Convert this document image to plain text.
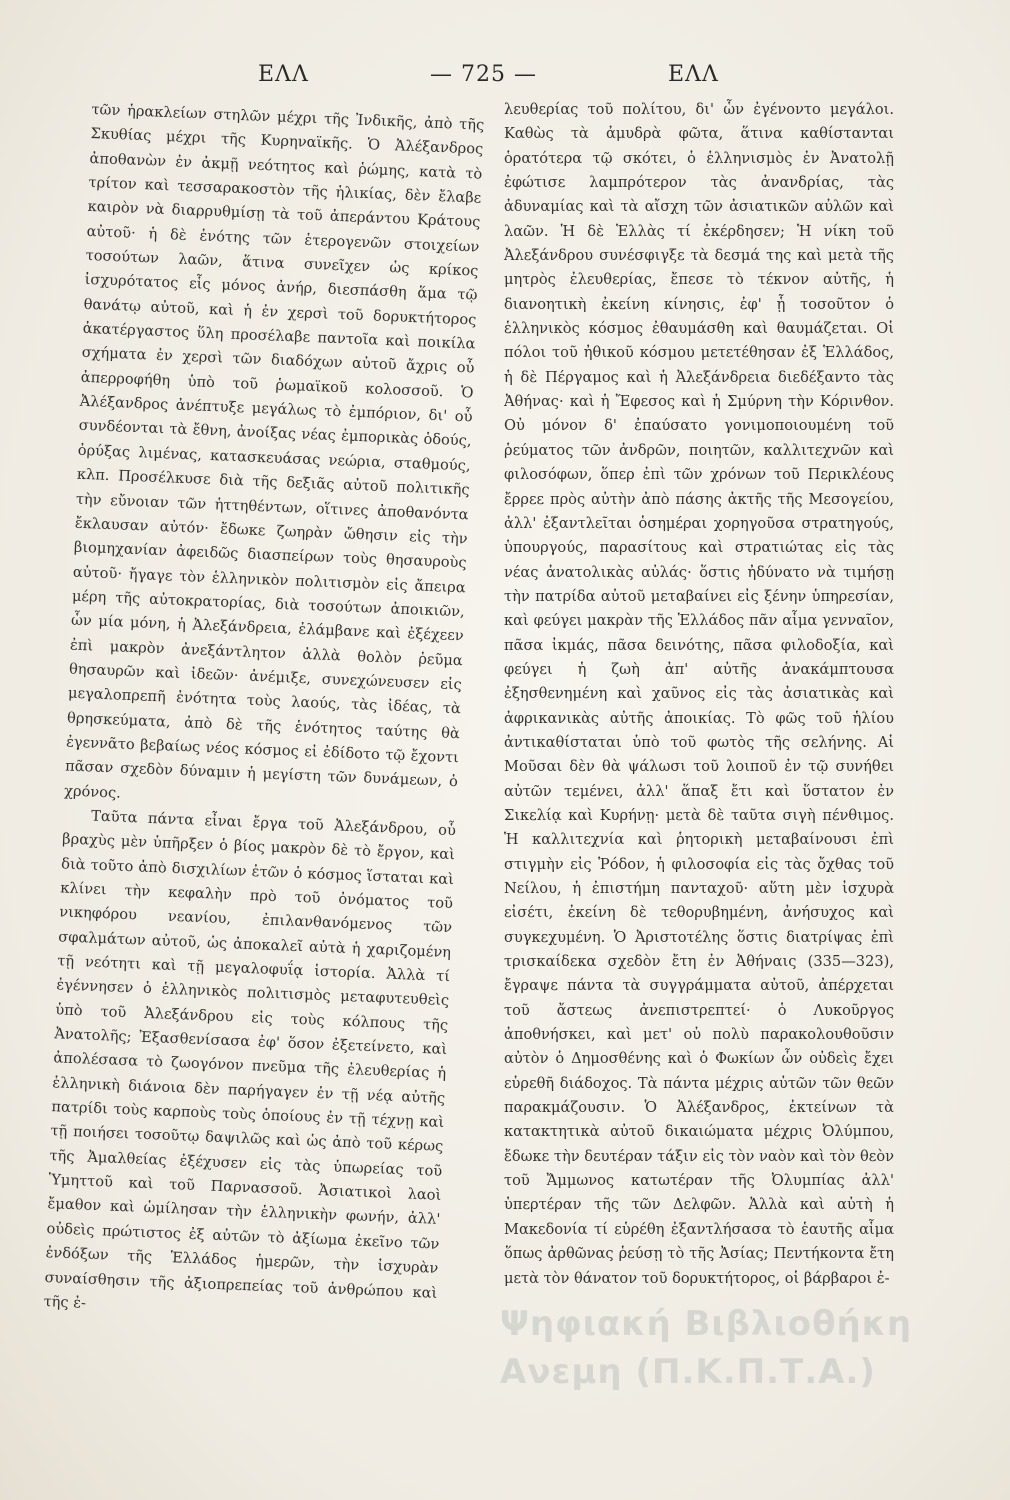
ΕΛΛ	— 725 —	ΕΛΛ

τῶν ἡρακλείων στηλῶν μέχρι τῆς Ἰνδικῆς, ἀπὸ τῆς Σκυθίας μέχρι τῆς Κυρηναϊκῆς. Ὁ Ἀλέξανδρος ἀποθανὼν ἐν ἀκμῇ νεότητος καὶ ῥώμης, κατὰ τὸ τρίτον καὶ τεσσαρακοστὸν τῆς ἡλικίας, δὲν ἔλαβε καιρὸν νὰ διαρρυθμίσῃ τὰ τοῦ ἀπεράντου Κράτους αὐτοῦ· ἡ δὲ ἑνότης τῶν ἑτερογενῶν στοιχείων τοσούτων λαῶν, ἅτινα συνεῖχεν ὡς κρίκος ἰσχυρότατος εἷς μόνος ἀνήρ, διεσπάσθη ἅμα τῷ θανάτῳ αὐτοῦ, καὶ ἡ ἐν χερσὶ τοῦ δορυκτήτορος ἀκατέργαστος ὕλη προσέλαβε παντοῖα καὶ ποικίλα σχήματα ἐν χερσὶ τῶν διαδόχων αὐτοῦ ἄχρις οὗ ἀπερροφήθη ὑπὸ τοῦ ῥωμαϊκοῦ κολοσσοῦ. Ὁ Ἀλέξανδρος ἀνέπτυξε μεγάλως τὸ ἐμπόριον, δι' οὗ συνδέονται τὰ ἔθνη, ἀνοίξας νέας ἐμπορικὰς ὁδούς, ὀρύξας λιμένας, κατασκευάσας νεώρια, σταθμούς, κλπ. Προσέλκυσε διὰ τῆς δεξιᾶς αὐτοῦ πολιτικῆς τὴν εὔνοιαν τῶν ἡττηθέντων, οἵτινες ἀποθανόντα ἔκλαυσαν αὐτόν· ἔδωκε ζωηρὰν ὤθησιν εἰς τὴν βιομηχανίαν ἀφειδῶς διασπείρων τοὺς θησαυροὺς αὐτοῦ· ἤγαγε τὸν ἑλληνικὸν πολιτισμὸν εἰς ἄπειρα μέρη τῆς αὐτοκρατορίας, διὰ τοσούτων ἀποικιῶν, ὧν μία μόνη, ἡ Ἀλεξάνδρεια, ἐλάμβανε καὶ ἐξέχεεν ἐπὶ μακρὸν ἀνεξάντλητον ἀλλὰ θολὸν ῥεῦμα θησαυρῶν καὶ ἰδεῶν· ἀνέμιξε, συνεχώνευσεν εἰς μεγαλοπρεπῆ ἑνότητα τοὺς λαούς, τὰς ἰδέας, τὰ θρησκεύματα, ἀπὸ δὲ τῆς ἑνότητος ταύτης θὰ ἐγεννᾶτο βεβαίως νέος κόσμος εἰ ἐδίδοτο τῷ ἔχοντι πᾶσαν σχεδὸν δύναμιν ἡ μεγίστη τῶν δυνάμεων, ὁ χρόνος.

Ταῦτα πάντα εἶναι ἔργα τοῦ Ἀλεξάνδρου, οὗ βραχὺς μὲν ὑπῆρξεν ὁ βίος μακρὸν δὲ τὸ ἔργον, καὶ διὰ τοῦτο ἀπὸ δισχιλίων ἐτῶν ὁ κόσμος ἵσταται καὶ κλίνει τὴν κεφαλὴν πρὸ τοῦ ὀνόματος τοῦ νικηφόρου νεανίου, ἐπιλανθανόμενος τῶν σφαλμάτων αὐτοῦ, ὡς ἀποκαλεῖ αὐτὰ ἡ χαριζομένη τῇ νεότητι καὶ τῇ μεγαλοφυΐᾳ ἱστορία. Ἀλλὰ τί ἐγέννησεν ὁ ἑλληνικὸς πολιτισμὸς μεταφυτευθεὶς ὑπὸ τοῦ Ἀλεξάνδρου εἰς τοὺς κόλπους τῆς Ἀνατολῆς; Ἐξασθενίσασα ἐφ' ὅσον ἐξετείνετο, καὶ ἀπολέσασα τὸ ζωογόνον πνεῦμα τῆς ἐλευθερίας ἡ ἑλληνικὴ διάνοια δὲν παρήγαγεν ἐν τῇ νέᾳ αὐτῆς πατρίδι τοὺς καρποὺς τοὺς ὁποίους ἐν τῇ τέχνῃ καὶ τῇ ποιήσει τοσοῦτῳ δαψιλῶς καὶ ὡς ἀπὸ τοῦ κέρως τῆς Ἀμαλθείας ἐξέχυσεν εἰς τὰς ὑπωρείας τοῦ Ὑμηττοῦ καὶ τοῦ Παρνασσοῦ. Ἀσιατικοὶ λαοὶ ἔμαθον καὶ ὡμίλησαν τὴν ἑλληνικὴν φωνήν, ἀλλ' οὐδεὶς πρώτιστος ἐξ αὐτῶν τὸ ἀξίωμα ἐκεῖνο τῶν ἐνδόξων τῆς Ἑλλάδος ἡμερῶν, τὴν ἰσχυρὰν συναίσθησιν τῆς ἀξιοπρεπείας τοῦ ἀνθρώπου καὶ τῆς ἐ-

λευθερίας τοῦ πολίτου, δι' ὧν ἐγένοντο μεγάλοι. Καθὼς τὰ ἀμυδρὰ φῶτα, ἅτινα καθίστανται ὁρατότερα τῷ σκότει, ὁ ἑλληνισμὸς ἐν Ἀνατολῇ ἐφώτισε λαμπρότερον τὰς ἀνανδρίας, τὰς ἀδυναμίας καὶ τὰ αἴσχη τῶν ἀσιατικῶν αὐλῶν καὶ λαῶν. Ἡ δὲ Ἑλλὰς τί ἐκέρδησεν; Ἡ νίκη τοῦ Ἀλεξάνδρου συνέσφιγξε τὰ δεσμά της καὶ μετὰ τῆς μητρὸς ἐλευθερίας, ἔπεσε τὸ τέκνον αὐτῆς, ἡ διανοητικὴ ἐκείνη κίνησις, ἐφ' ᾗ τοσοῦτον ὁ ἑλληνικὸς κόσμος ἐθαυμάσθη καὶ θαυμάζεται. Οἱ πόλοι τοῦ ἠθικοῦ κόσμου μετετέθησαν ἐξ Ἑλλάδος, ἡ δὲ Πέργαμος καὶ ἡ Ἀλεξάνδρεια διεδέξαντο τὰς Ἀθήνας· καὶ ἡ Ἔφεσος καὶ ἡ Σμύρνη τὴν Κόρινθον. Οὐ μόνον δ' ἐπαύσατο γονιμοποιουμένη τοῦ ῥεύματος τῶν ἀνδρῶν, ποιητῶν, καλλιτεχνῶν καὶ φιλοσόφων, ὅπερ ἐπὶ τῶν χρόνων τοῦ Περικλέους ἔρρεε πρὸς αὐτὴν ἀπὸ πάσης ἀκτῆς τῆς Μεσογείου, ἀλλ' ἐξαντλεῖται ὁσημέραι χορηγοῦσα στρατηγούς, ὑπουργούς, παρασίτους καὶ στρατιώτας εἰς τὰς νέας ἀνατολικὰς αὐλάς· ὅστις ἠδύνατο νὰ τιμήσῃ τὴν πατρίδα αὐτοῦ μεταβαίνει εἰς ξένην ὑπηρεσίαν, καὶ φεύγει μακρὰν τῆς Ἑλλάδος πᾶν αἷμα γενναῖον, πᾶσα ἰκμάς, πᾶσα δεινότης, πᾶσα φιλοδοξία, καὶ φεύγει ἡ ζωὴ ἀπ' αὐτῆς ἀνακάμπτουσα ἐξησθενημένη καὶ χαῦνος εἰς τὰς ἀσιατικὰς καὶ ἀφρικανικὰς αὐτῆς ἀποικίας. Τὸ φῶς τοῦ ἡλίου ἀντικαθίσταται ὑπὸ τοῦ φωτὸς τῆς σελήνης. Αἱ Μοῦσαι δὲν θὰ ψάλωσι τοῦ λοιποῦ ἐν τῷ συνήθει αὐτῶν τεμένει, ἀλλ' ἅπαξ ἔτι καὶ ὕστατον ἐν Σικελίᾳ καὶ Κυρήνῃ· μετὰ δὲ ταῦτα σιγὴ πένθιμος. Ἡ καλλιτεχνία καὶ ῥητορικὴ μεταβαίνουσι ἐπὶ στιγμὴν εἰς Ῥόδον, ἡ φιλοσοφία εἰς τὰς ὄχθας τοῦ Νείλου, ἡ ἐπιστήμη πανταχοῦ· αὕτη μὲν ἰσχυρὰ εἰσέτι, ἐκείνη δὲ τεθορυβημένη, ἀνήσυχος καὶ συγκεχυμένη. Ὁ Ἀριστοτέλης ὅστις διατρίψας ἐπὶ τρισκαίδεκα σχεδὸν ἔτη ἐν Ἀθήναις (335—323), ἔγραψε πάντα τὰ συγγράμματα αὐτοῦ, ἀπέρχεται τοῦ ἄστεως ἀνεπιστρεπτεί· ὁ Λυκοῦργος ἀποθνήσκει, καὶ μετ' οὐ πολὺ παρακολουθοῦσιν αὐτὸν ὁ Δημοσθένης καὶ ὁ Φωκίων ὧν οὐδεὶς ἔχει εὑρεθῆ διάδοχος. Τὰ πάντα μέχρις αὐτῶν τῶν θεῶν παρακμάζουσιν. Ὁ Ἀλέξανδρος, ἐκτείνων τὰ κατακτητικὰ αὐτοῦ δικαιώματα μέχρις Ὀλύμπου, ἔδωκε τὴν δευτέραν τάξιν εἰς τὸν ναὸν καὶ τὸν θεὸν τοῦ Ἄμμωνος κατωτέραν τῆς Ὀλυμπίας ἀλλ' ὑπερτέραν τῆς τῶν Δελφῶν. Ἀλλὰ καὶ αὐτὴ ἡ Μακεδονία τί εὑρέθη ἐξαντλήσασα τὸ ἑαυτῆς αἷμα ὅπως ἀρθῶνας ῥεύσῃ τὸ τῆς Ἀσίας; Πεντήκοντα ἔτη μετὰ τὸν θάνατον τοῦ δορυκτήτορος, οἱ βάρβαροι ἐ-

Ψηφιακή Βιβλιοθήκη
Ανεμη (Π.Κ.Π.Τ.Α.)
